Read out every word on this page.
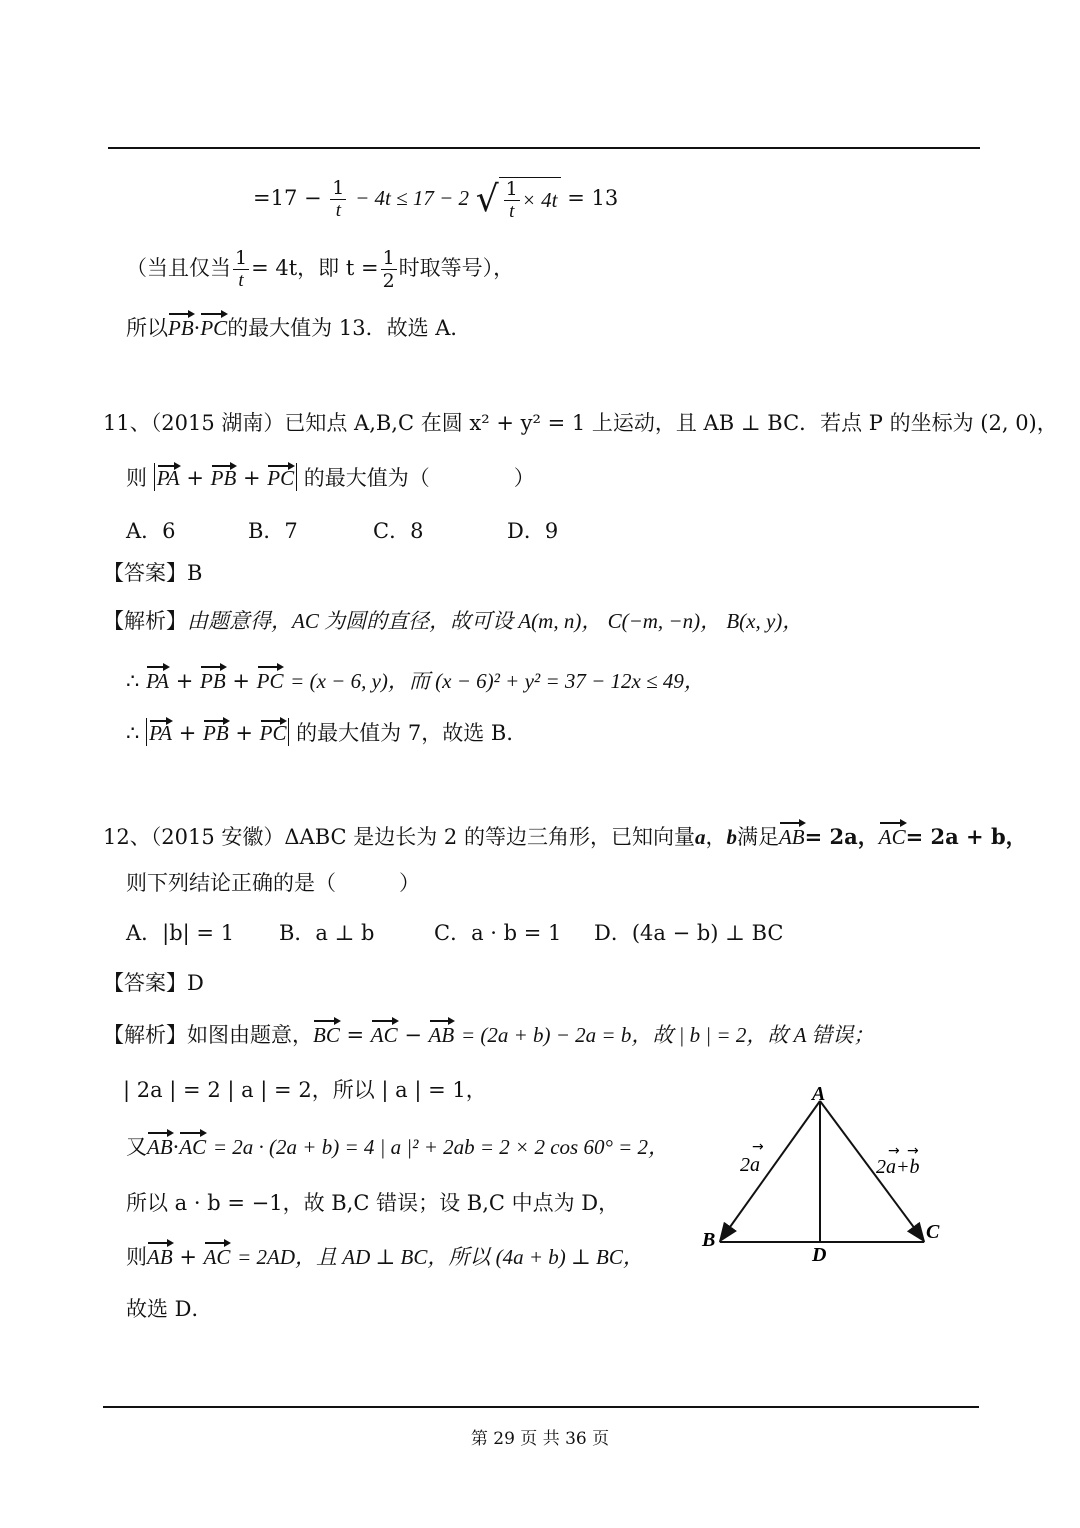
$=17 - \frac{1}{t} - 4t \le 17 - 2$ √ $\frac{1}{t} \times 4t = 13$
（当且仅当 $\frac{1}{t} = 4t$，即 $t = \frac{1}{2}$ 时取等号），
所以PB·PC的最大值为 13．故选 A．
11、（2015 湖南）已知点 A,B,C 在圆 x² + y² = 1 上运动，且 AB ⊥ BC．若点 P 的坐标为 (2, 0)，
则 PA + PB + PC 的最大值为（　　　　）
A．6	B．7	C．8	D．9
【答案】B
【解析】由题意得，AC 为圆的直径，故可设 A(m, n)， C(−m, −n)， B(x, y)，
∴ PA + PB + PC = (x − 6, y)，而 (x − 6)² + y² = 37 − 12x ≤ 49，
∴ PA + PB + PC 的最大值为 7，故选 B．
12、（2015 安徽）ΔABC 是边长为 2 的等边三角形，已知向量a，b满足AB= 2a，AC= 2a + b，
则下列结论正确的是（　　　）
A．|b| = 1 B．a ⊥ b	C．a · b = 1 D．(4a − b) ⊥ BC
【答案】D
【解析】如图由题意，BC = AC − AB = (2a + b) − 2a = b，故 | b | = 2，故 A 错误；
| 2a | = 2 | a | = 2，所以 | a | = 1，
又AB·AC = 2a · (2a + b) = 4 | a |² + 2ab = 2 × 2 cos 60° = 2，
所以 a · b = −1，故 B,C 错误；设 B,C 中点为 D，
则AB + AC = 2AD，且 AD ⊥ BC，所以 (4a + b) ⊥ BC，
故选 D．
A
B	C
D
→
2a
→ →
2a+b
第 29 页 共 36 页
